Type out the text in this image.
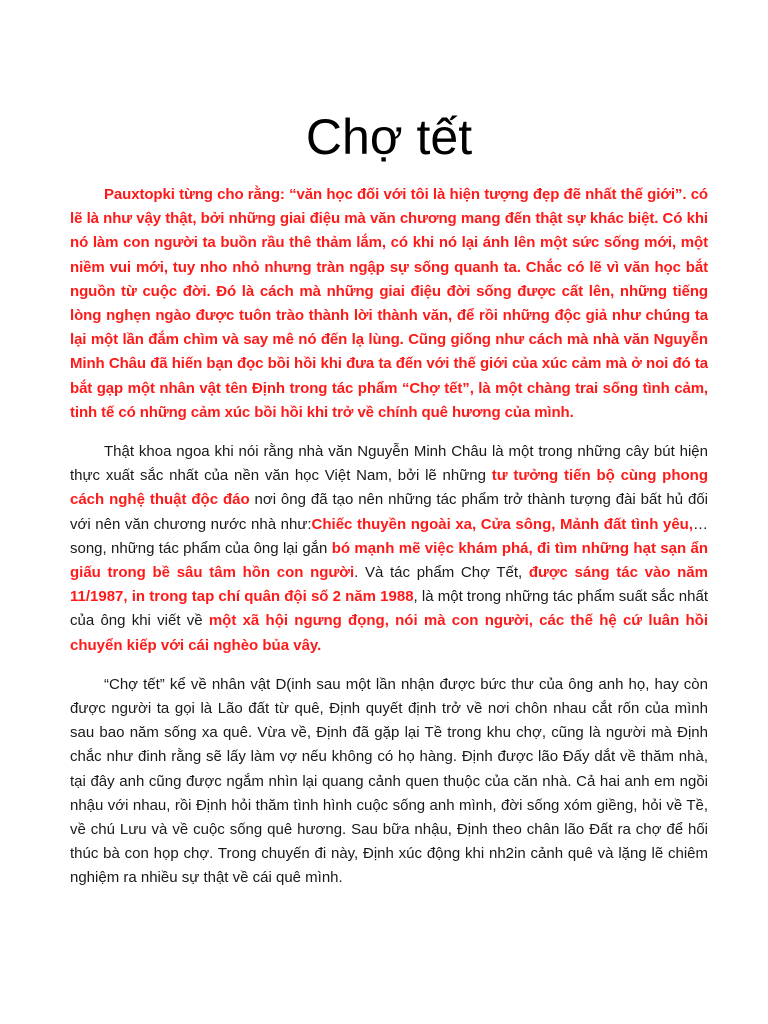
Chợ tết

Pauxtopki từng cho rằng: “văn học đối với tôi là hiện tượng đẹp đẽ nhất thế giới”. có lẽ là như vậy thật, bởi những giai điệu mà văn chương mang đến thật sự khác biệt. Có khi nó làm con người ta buồn rầu thê thảm lắm, có khi nó lại ánh lên một sức sống mới, một niềm vui mới, tuy nho nhỏ nhưng tràn ngập sự sống quanh ta. Chắc có lẽ vì văn học bắt nguồn từ cuộc đời. Đó là cách mà những giai điệu đời sống được cất lên, những tiếng lòng nghẹn ngào được tuôn trào thành lời thành văn, để rồi những độc giả như chúng ta lại một lần đắm chìm và say mê nó đến lạ lùng. Cũng giống như cách mà nhà văn Nguyễn Minh Châu đã hiến bạn đọc bồi hồi khi đưa ta đến với thế giới của xúc cảm mà ở noi đó ta bắt gạp một nhân vật tên Định trong tác phẩm “Chợ tết”, là một chàng trai sống tình cảm, tinh tế có những cảm xúc bồi hồi khi trở về chính quê hương của mình.

Thật khoa ngoa khi nói rằng nhà văn Nguyễn Minh Châu là một trong những cây bút hiện thực xuất sắc nhất của nền văn học Việt Nam, bởi lẽ những tư tưởng tiến bộ cùng phong cách nghệ thuật độc đáo nơi ông đã tạo nên những tác phẩm trở thành tượng đài bất hủ đối với nên văn chương nước nhà như:Chiếc thuyền ngoài xa, Cửa sông, Mảnh đất tình yêu,…song, những tác phẩm của ông lại gắn bó mạnh mẽ việc khám phá, đi tìm những hạt sạn ẩn giấu trong bề sâu tâm hồn con người. Và tác phẩm Chợ Tết, được sáng tác vào năm 11/1987, in trong tap chí quân đội số 2 năm 1988, là một trong những tác phẩm suất sắc nhất của ông khi viết về một xã hội ngưng đọng, nói mà con người, các thế hệ cứ luân hồi chuyển kiếp với cái nghèo bủa vây.

“Chợ tết” kể về nhân vật D(inh sau một lần nhận được bức thư của ông anh họ, hay còn được người ta gọi là Lão đất từ quê, Định quyết định trở về nơi chôn nhau cắt rốn của mình sau bao năm sống xa quê. Vừa về, Định đã gặp lại Tề trong khu chợ, cũng là người mà Định chắc như đinh rằng sẽ lấy làm vợ nếu không có họ hàng. Định được lão Đấy dắt về thăm nhà, tại đây anh cũng được ngắm nhìn lại quang cảnh quen thuộc của căn nhà. Cả hai anh em ngồi nhậu với nhau, rồi Định hỏi thăm tình hình cuộc sống anh mình, đời sống xóm giềng, hỏi về Tề, về chú Lưu và về cuộc sống quê hương. Sau bữa nhậu, Định theo chân lão Đất ra chợ để hối thúc bà con họp chợ. Trong chuyến đi này, Định xúc động khi nh2in cảnh quê và lặng lẽ chiêm nghiệm ra nhiều sự thật về cái quê mình.
